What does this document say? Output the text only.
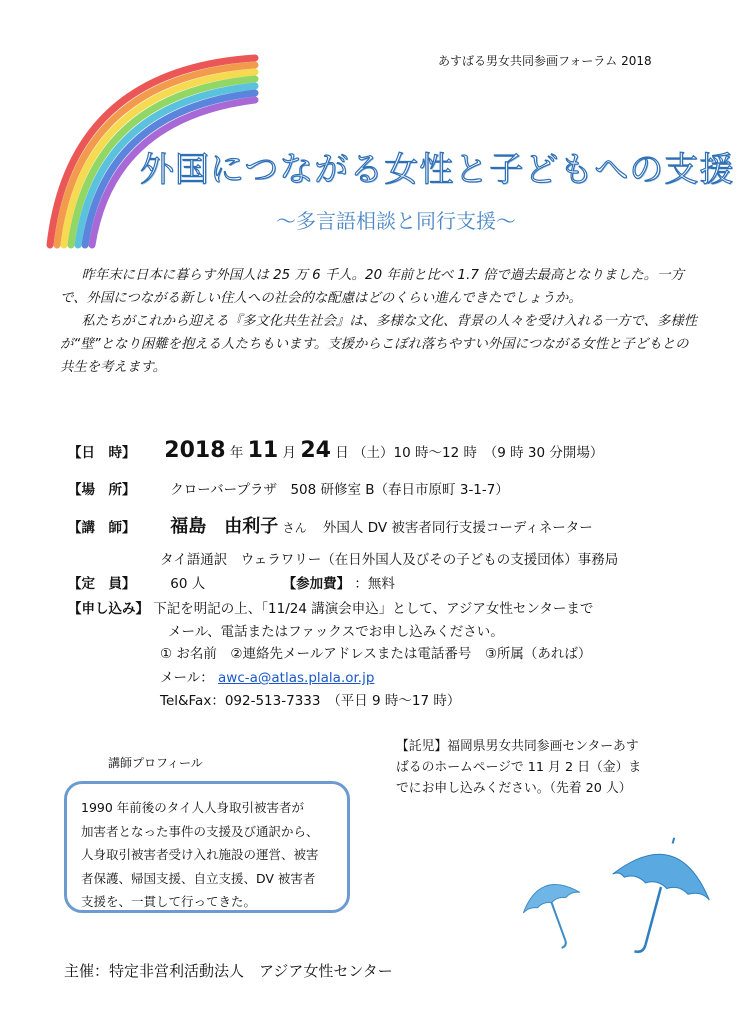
あすばる男女共同参画フォーラム 2018
外国につながる女性と子どもへの支援
～多言語相談と同行支援～

昨年末に日本に暮らす外国人は 25 万 6 千人。20 年前と比べ 1.7 倍で過去最高となりました。一方で、外国につながる新しい住人への社会的な配慮はどのくらい進んできたでしょうか。

私たちがこれから迎える『多文化共生社会』は、多様な文化、背景の人々を受け入れる一方で、多様性が“壁”となり困難を抱える人たちもいます。支援からこぼれ落ちやすい外国につながる女性と子どもとの共生を考えます。

【日　時】 2018 年 11 月 24 日 （土）10 時～12 時　（9 時 30 分開場）
【場　所】	クローバープラザ　508 研修室 B（春日市原町 3-1-7）
【講　師】 福島　由利子 さん 外国人 DV 被害者同行支援コーディネーター
タイ語通訳　ウェラワリー（在日外国人及びその子どもの支援団体）事務局
【定　員】	60 人	【参加費】 ：無料
【申し込み】 下記を明記の上、「11/24 講演会申込」として、アジア女性センターまで
メール、電話またはファックスでお申し込みください。
① お名前　②連絡先メールアドレスまたは電話番号　③所属（あれば）
メール： awc-a@atlas.plala.or.jp
Tel&Fax：092-513-7333　（平日 9 時～17 時）
講師プロフィール
1990 年前後のタイ人人身取引被害者が
加害者となった事件の支援及び通訳から、
人身取引被害者受け入れ施設の運営、被害
者保護、帰国支援、自立支援、DV 被害者
支援を、一貫して行ってきた。
【託児】福岡県男女共同参画センターあす
ばるのホームページで 11 月 2 日（金）ま
でにお申し込みください。（先着 20 人）
主催：特定非営利活動法人　アジア女性センター
